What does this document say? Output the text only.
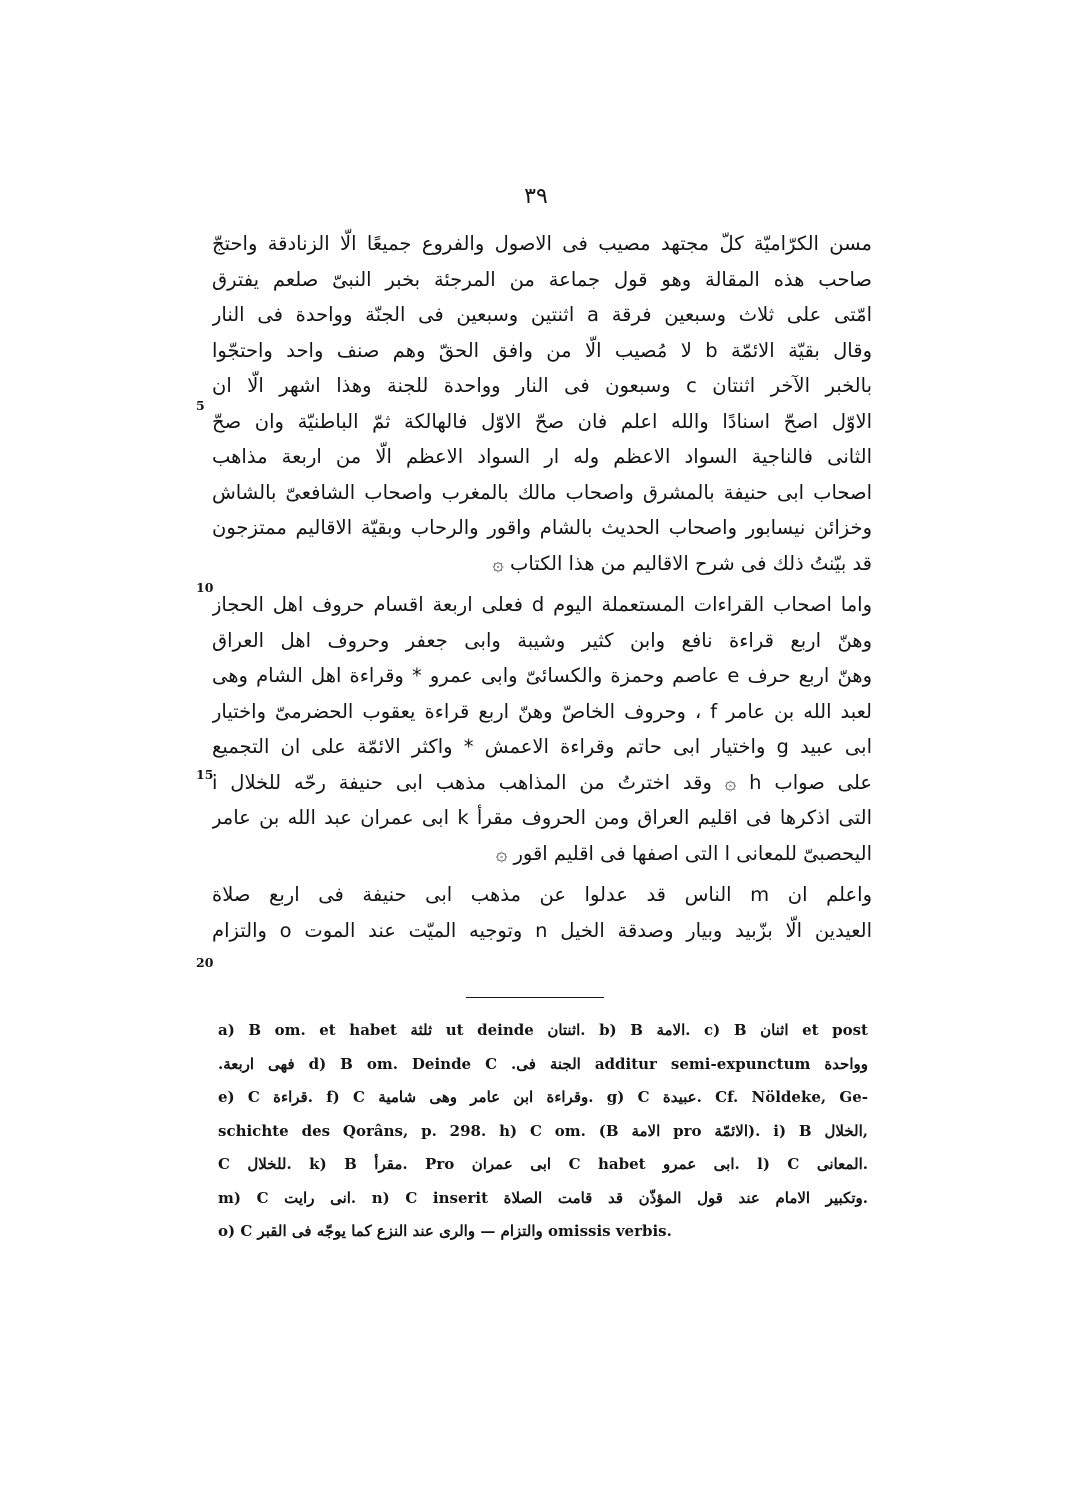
٣٩
مسن الكرّاميّة كلّ مجتهد مصيب فى الاصول والفروع جميعًا الّا الزنادقة واحتجّ
صاحب هذه المقالة وهو قول جماعة من المرجئة بخبر النبىّ صلعم يفترق
امّتى على ثلاث وسبعين فرقة a اثنتين وسبعين فى الجنّة وواحدة فى النار
وقال بقيّة الائمّة b لا مُصيب الّا من وافق الحقّ وهم صنف واحد واحتجّوا
بالخبر الآخر اثنتان c وسبعون فى النار وواحدة للجنة وهذا اشهر الّا ان
الاوّل اصحّ اسنادًا والله اعلم فان صحّ الاوّل فالهالكة ثمّ الباطنيّة وان صحّ
الثانى فالناجية السواد الاعظم وله ار السواد الاعظم الّا من اربعة مذاهب
اصحاب ابى حنيفة بالمشرق واصحاب مالك بالمغرب واصحاب الشافعىّ بالشاش
وخزائن نيسابور واصحاب الحديث بالشام واقور والرحاب وبقيّة الاقاليم ممتزجون
قد بيّنتُ ذلك فى شرح الاقاليم من هذا الكتاب ۞
واما اصحاب القراءات المستعملة اليوم d فعلى اربعة اقسام حروف اهل الحجاز
وهنّ اربع قراءة نافع وابن كثير وشيبة وابى جعفر وحروف اهل العراق
وهنّ اربع حرف e عاصم وحمزة والكسائىّ وابى عمرو * وقراءة اهل الشام وهى
لعبد الله بن عامر f ، وحروف الخاصّ وهنّ اربع قراءة يعقوب الحضرمىّ واختيار
ابى عبيد g واختيار ابى حاتم وقراءة الاعمش * واكثر الائمّة على ان التجميع
على صواب h ۞ وقد اخترتُ من المذاهب مذهب ابى حنيفة رحّه للخلال i
التى اذكرها فى اقليم العراق ومن الحروف مقرأ k ابى عمران عبد الله بن عامر
اليحصبىّ للمعانى l التى اصفها فى اقليم اقور ۞
واعلم ان m الناس قد عدلوا عن مذهب ابى حنيفة فى اربع صلاة
العيدين الّا بزّبيد وبيار وصدقة الخيل n وتوجيه الميّت عند الموت o والتزام
5
10
15
20
a) B om. et habet ثلثة ut deinde اثنتان. b) B الامة. c) B اثنان et post
وواحدة additur semi-expunctum الجنة فى. d) B om. Deinde C فهى اربعة.
e) C قراءة. f) C وقراءة ابن عامر وهى شامية. g) C عبيدة. Cf. Nöldeke, Ge-
schichte des Qorâns, p. 298. h) C om. (B الامة pro الائمّة). i) B الخلال,
C للخلال. k) B مقرأ. Pro ابى عمران C habet ابى عمرو. l) C المعانى.
m) C انى رايت. n) C inserit وتكبير الامام عند قول المؤذّن قد قامت الصلاة.
o) C والتزام — والرى عند النزع كما يوجّه فى القبر omissis verbis.
